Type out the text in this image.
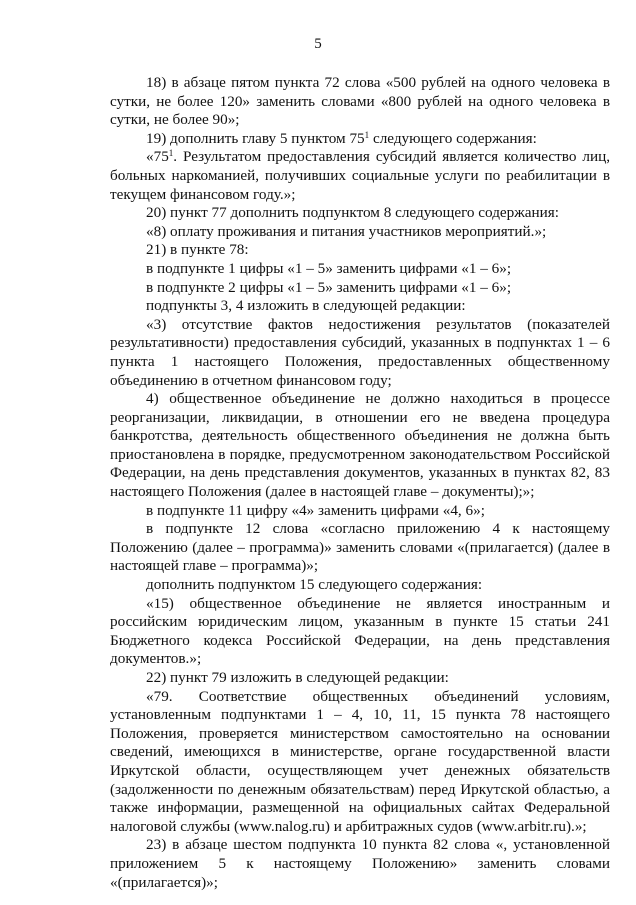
5

18) в абзаце пятом пункта 72 слова «500 рублей на одного человека в сутки, не более 120» заменить словами «800 рублей на одного человека в сутки, не более 90»;

19) дополнить главу 5 пунктом $75^1$ следующего содержания:

«$75^1$. Результатом предоставления субсидий является количество лиц, больных наркоманией, получивших социальные услуги по реабилитации в текущем финансовом году.»;

20) пункт 77 дополнить подпунктом 8 следующего содержания:

«8) оплату проживания и питания участников мероприятий.»;

21) в пункте 78:

в подпункте 1 цифры «1 – 5» заменить цифрами «1 – 6»;

в подпункте 2 цифры «1 – 5» заменить цифрами «1 – 6»;

подпункты 3, 4 изложить в следующей редакции:

«3) отсутствие фактов недостижения результатов (показателей результативности) предоставления субсидий, указанных в подпунктах 1 – 6 пункта 1 настоящего Положения, предоставленных общественному объединению в отчетном финансовом году;

4) общественное объединение не должно находиться в процессе реорганизации, ликвидации, в отношении его не введена процедура банкротства, деятельность общественного объединения не должна быть приостановлена в порядке, предусмотренном законодательством Российской Федерации, на день представления документов, указанных в пунктах 82, 83 настоящего Положения (далее в настоящей главе – документы);»;

в подпункте 11 цифру «4» заменить цифрами «4, 6»;

в подпункте 12 слова «согласно приложению 4 к настоящему Положению (далее – программа)» заменить словами «(прилагается) (далее в настоящей главе – программа)»;

дополнить подпунктом 15 следующего содержания:

«15) общественное объединение не является иностранным и российским юридическим лицом, указанным в пункте 15 статьи 241 Бюджетного кодекса Российской Федерации, на день представления документов.»;

22) пункт 79 изложить в следующей редакции:

«79. Соответствие общественных объединений условиям, установленным подпунктами 1 – 4, 10, 11, 15 пункта 78 настоящего Положения, проверяется министерством самостоятельно на основании сведений, имеющихся в министерстве, органе государственной власти Иркутской области, осуществляющем учет денежных обязательств (задолженности по денежным обязательствам) перед Иркутской областью, а также информации, размещенной на официальных сайтах Федеральной налоговой службы (www.nalog.ru) и арбитражных судов (www.arbitr.ru).»;

23) в абзаце шестом подпункта 10 пункта 82 слова «, установленной приложением 5 к настоящему Положению» заменить словами «(прилагается)»;
